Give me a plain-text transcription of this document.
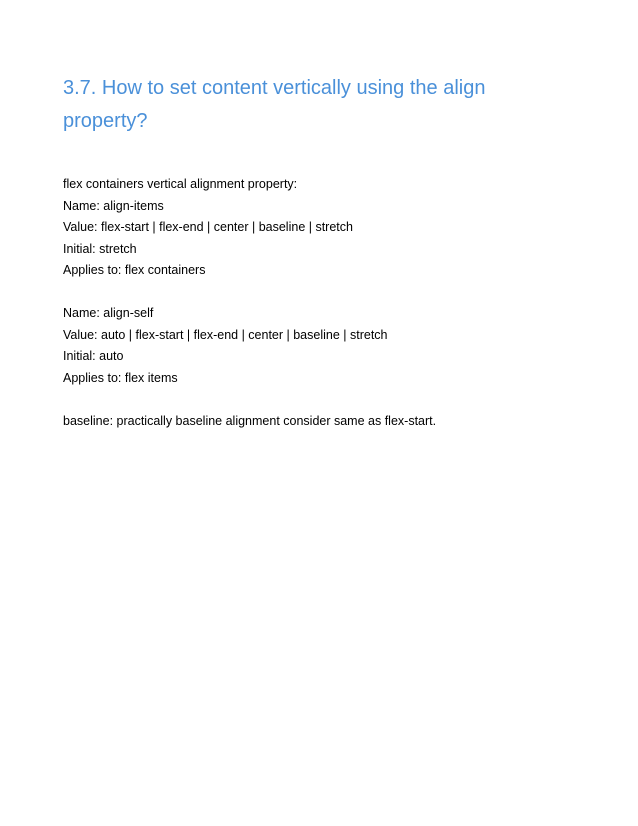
3.7. How to set content vertically using the align
property?
flex containers vertical alignment property:
Name: align-items
Value: flex-start | flex-end | center | baseline | stretch
Initial: stretch
Applies to: flex containers
Name: align-self
Value: auto | flex-start | flex-end | center | baseline | stretch
Initial: auto
Applies to: flex items
baseline: practically baseline alignment consider same as flex-start.
